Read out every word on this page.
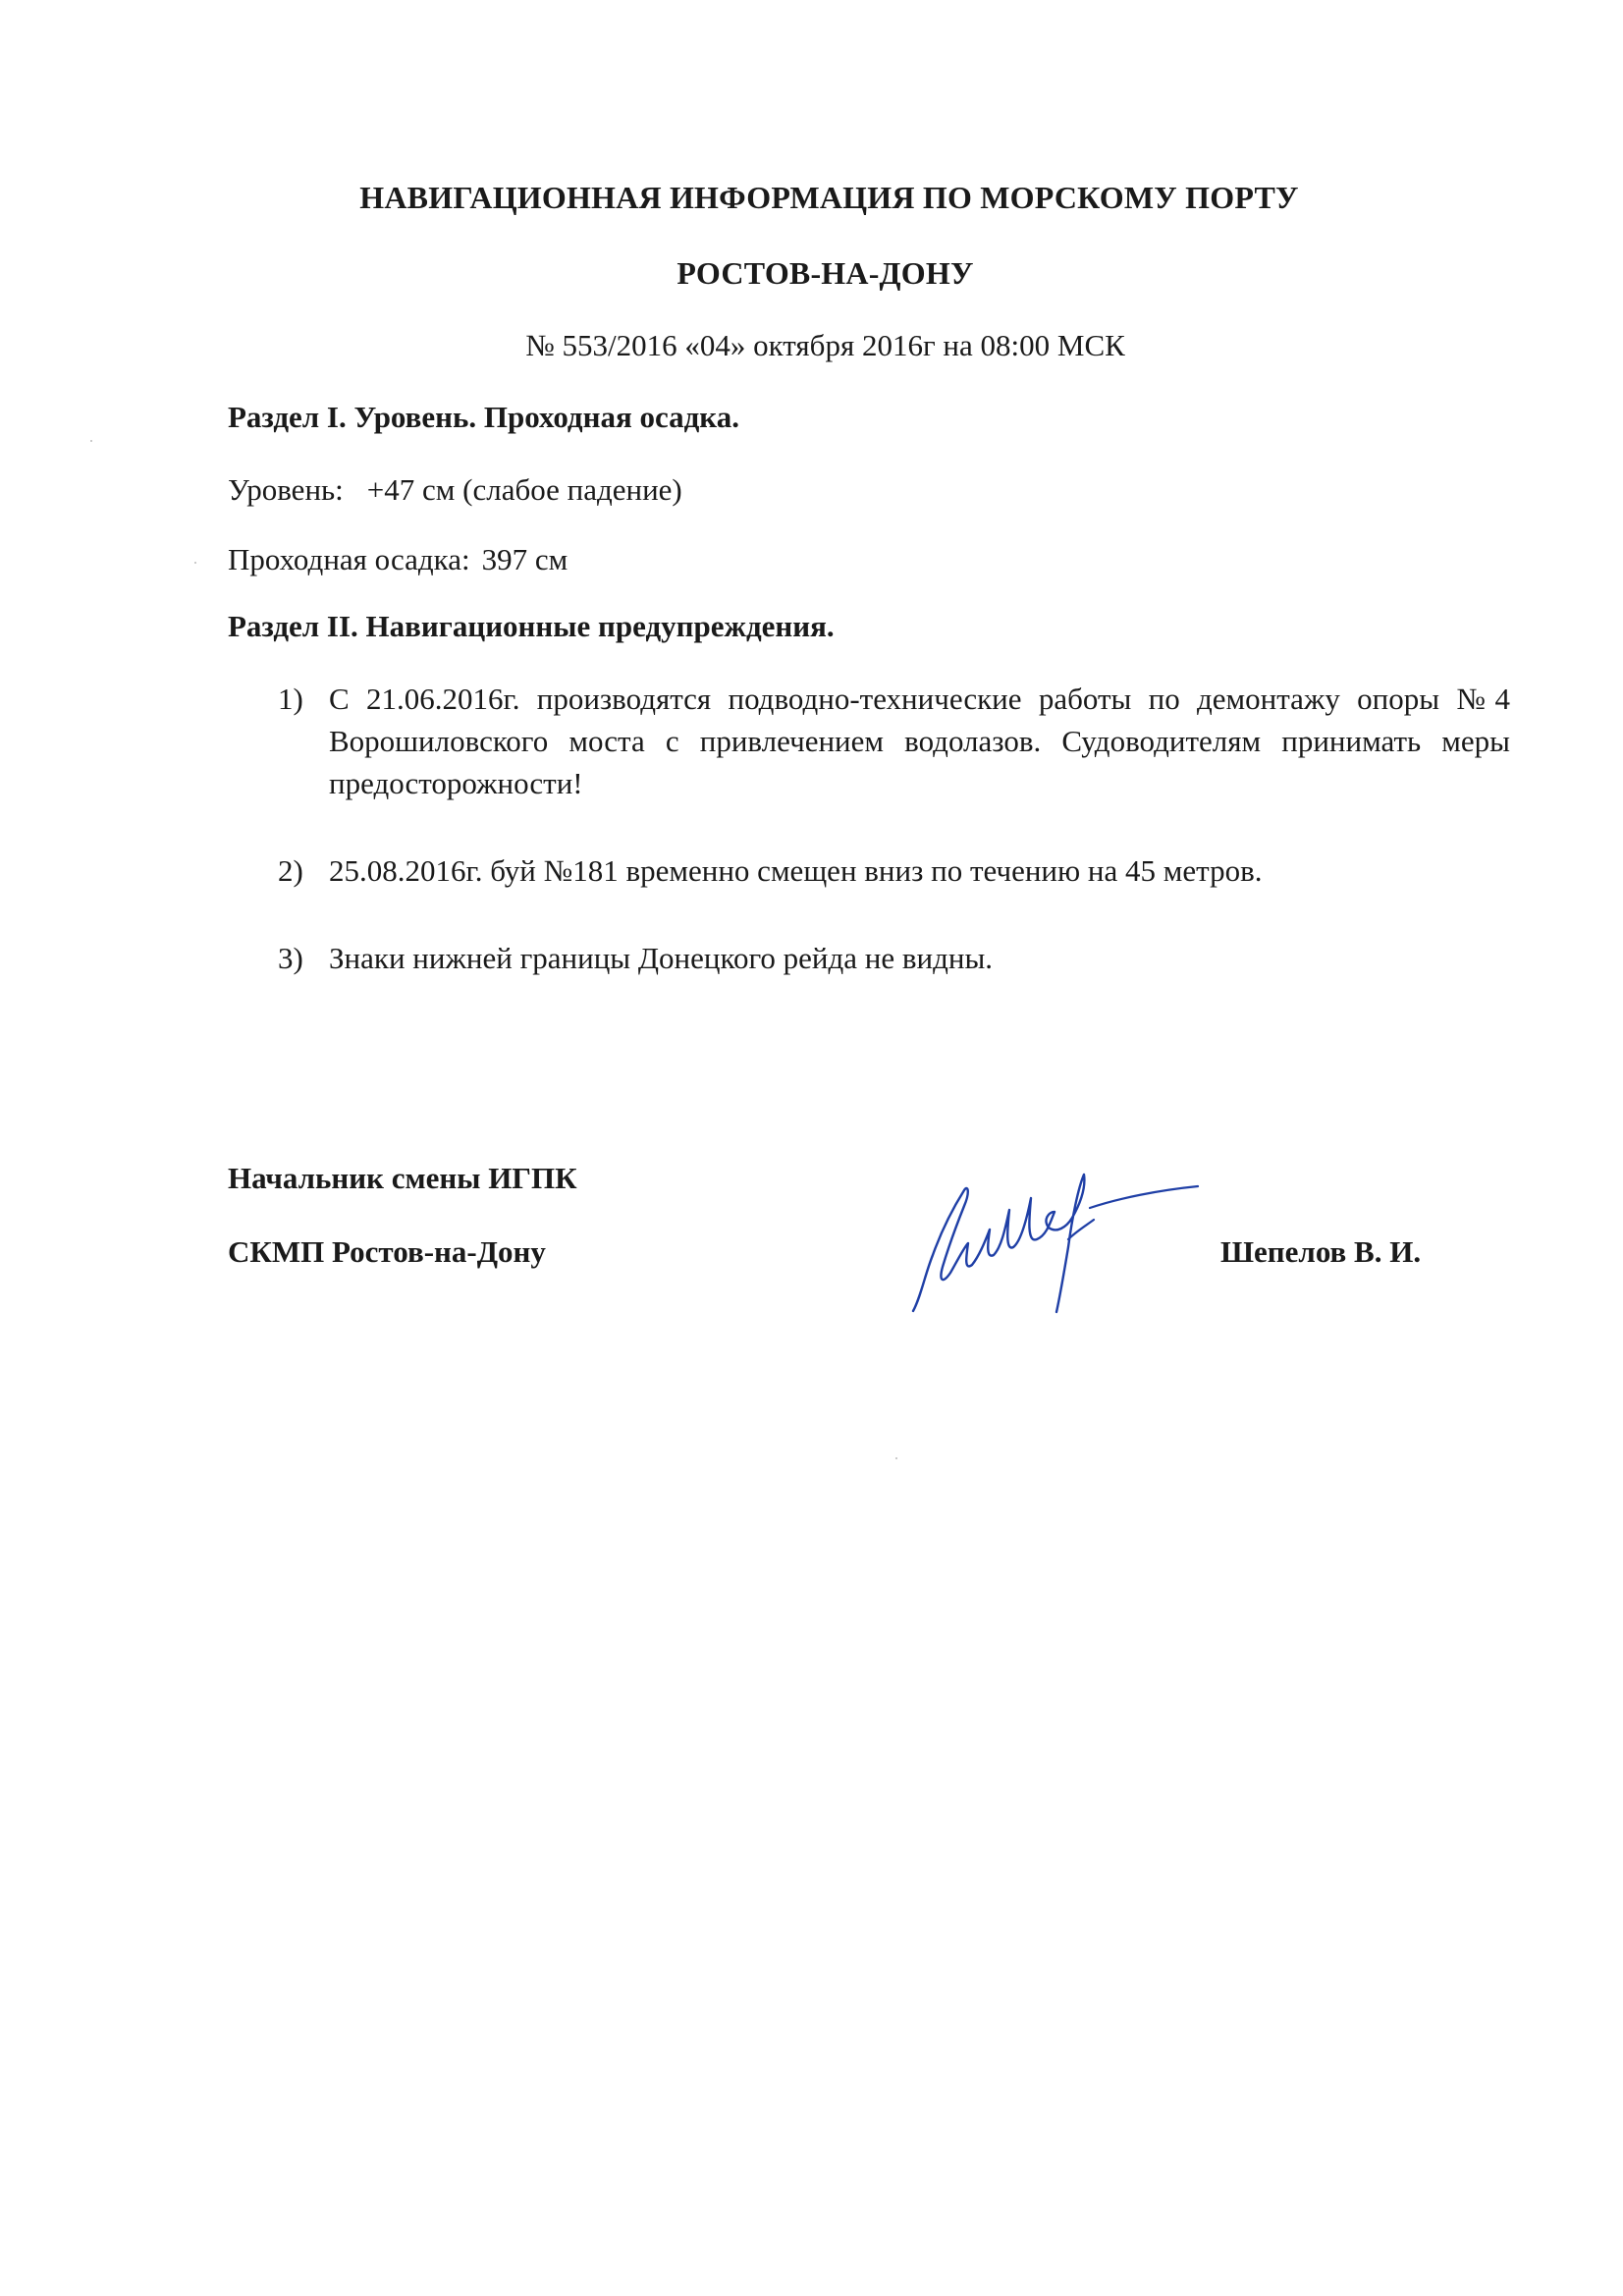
НАВИГАЦИОННАЯ ИНФОРМАЦИЯ ПО МОРСКОМУ ПОРТУ
РОСТОВ-НА-ДОНУ

№ 553/2016 «04» октября 2016г на 08:00 МСК

Раздел I. Уровень. Проходная осадка.

Уровень: +47 см (слабое падение)

Проходная осадка: 397 см

Раздел II. Навигационные предупреждения.
1) С 21.06.2016г. производятся подводно-технические работы по демонтажу опоры №4 Ворошиловского моста с привлечением водолазов. Судоводителям принимать меры предосторожности!
2) 25.08.2016г. буй №181 временно смещен вниз по течению на 45 метров.
3) Знаки нижней границы Донецкого рейда не видны.

Начальник смены ИГПК

СКМП Ростов-на-Дону	Шепелов В. И.
